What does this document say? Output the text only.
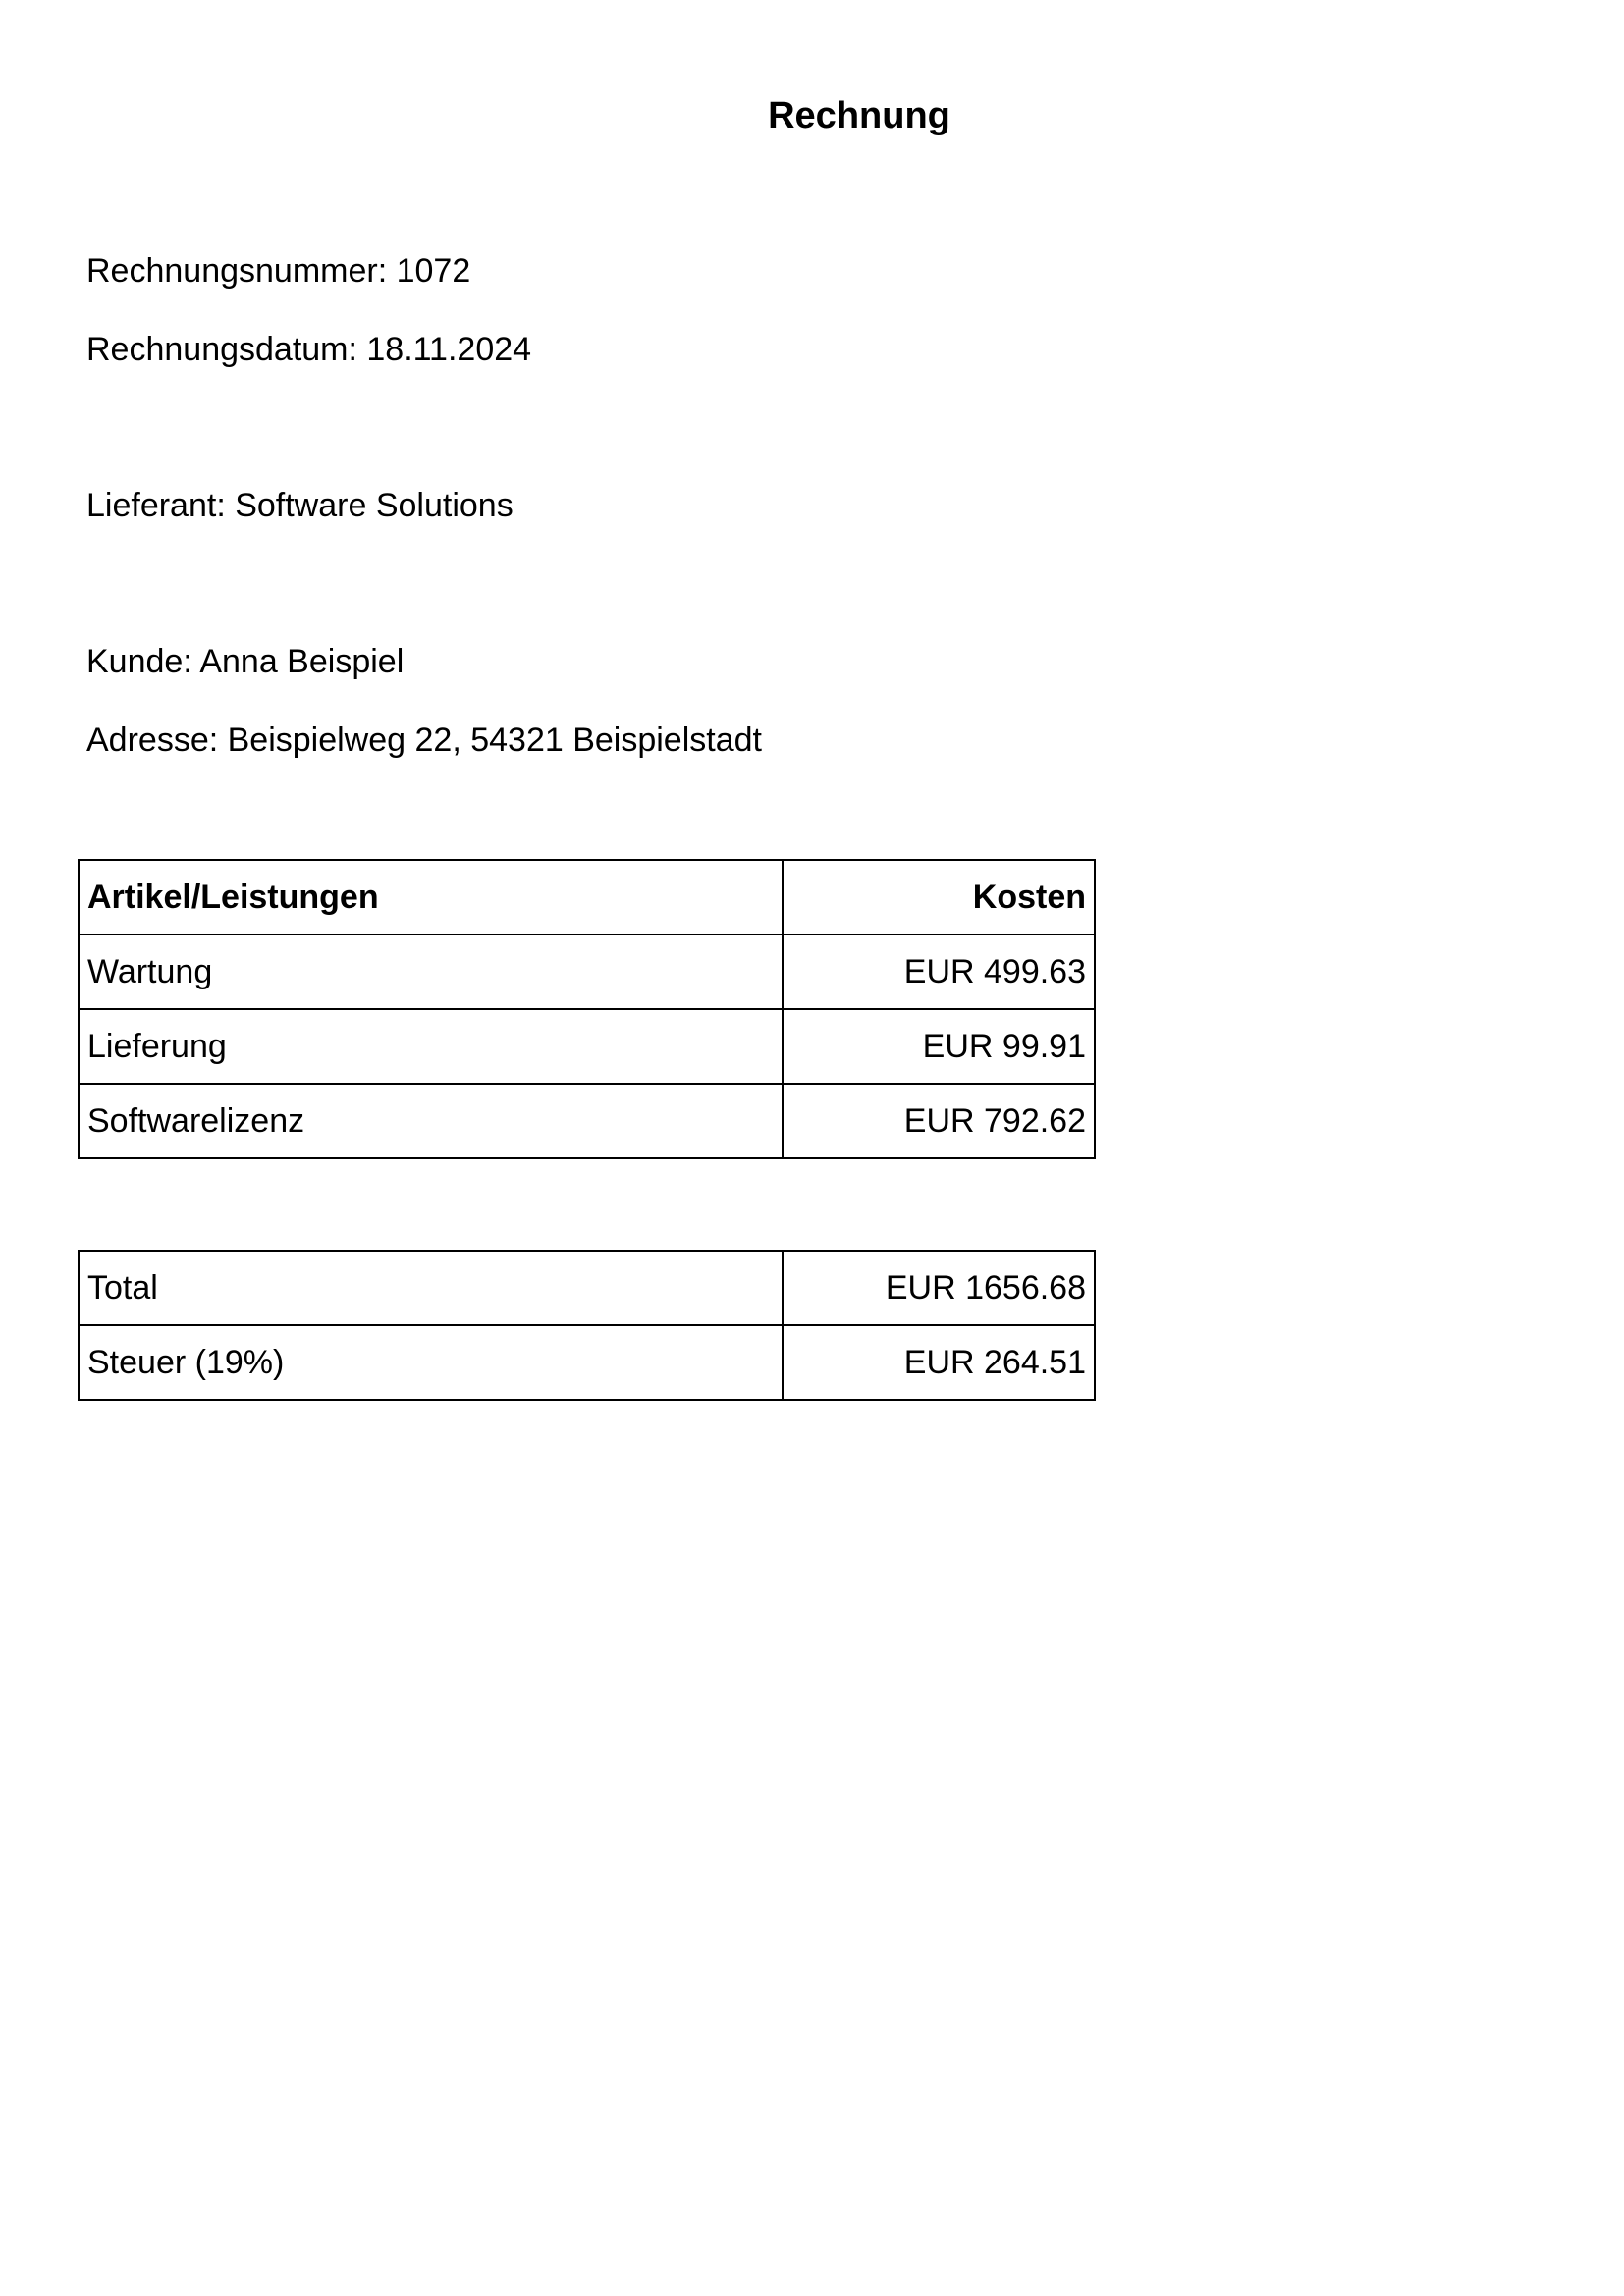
Rechnung
Rechnungsnummer: 1072
Rechnungsdatum: 18.11.2024
Lieferant: Software Solutions
Kunde: Anna Beispiel
Adresse: Beispielweg 22, 54321 Beispielstadt
Artikel/Leistungen	Kosten
Wartung	EUR 499.63
Lieferung	EUR 99.91
Softwarelizenz	EUR 792.62
Total	EUR 1656.68
Steuer (19%)	EUR 264.51
